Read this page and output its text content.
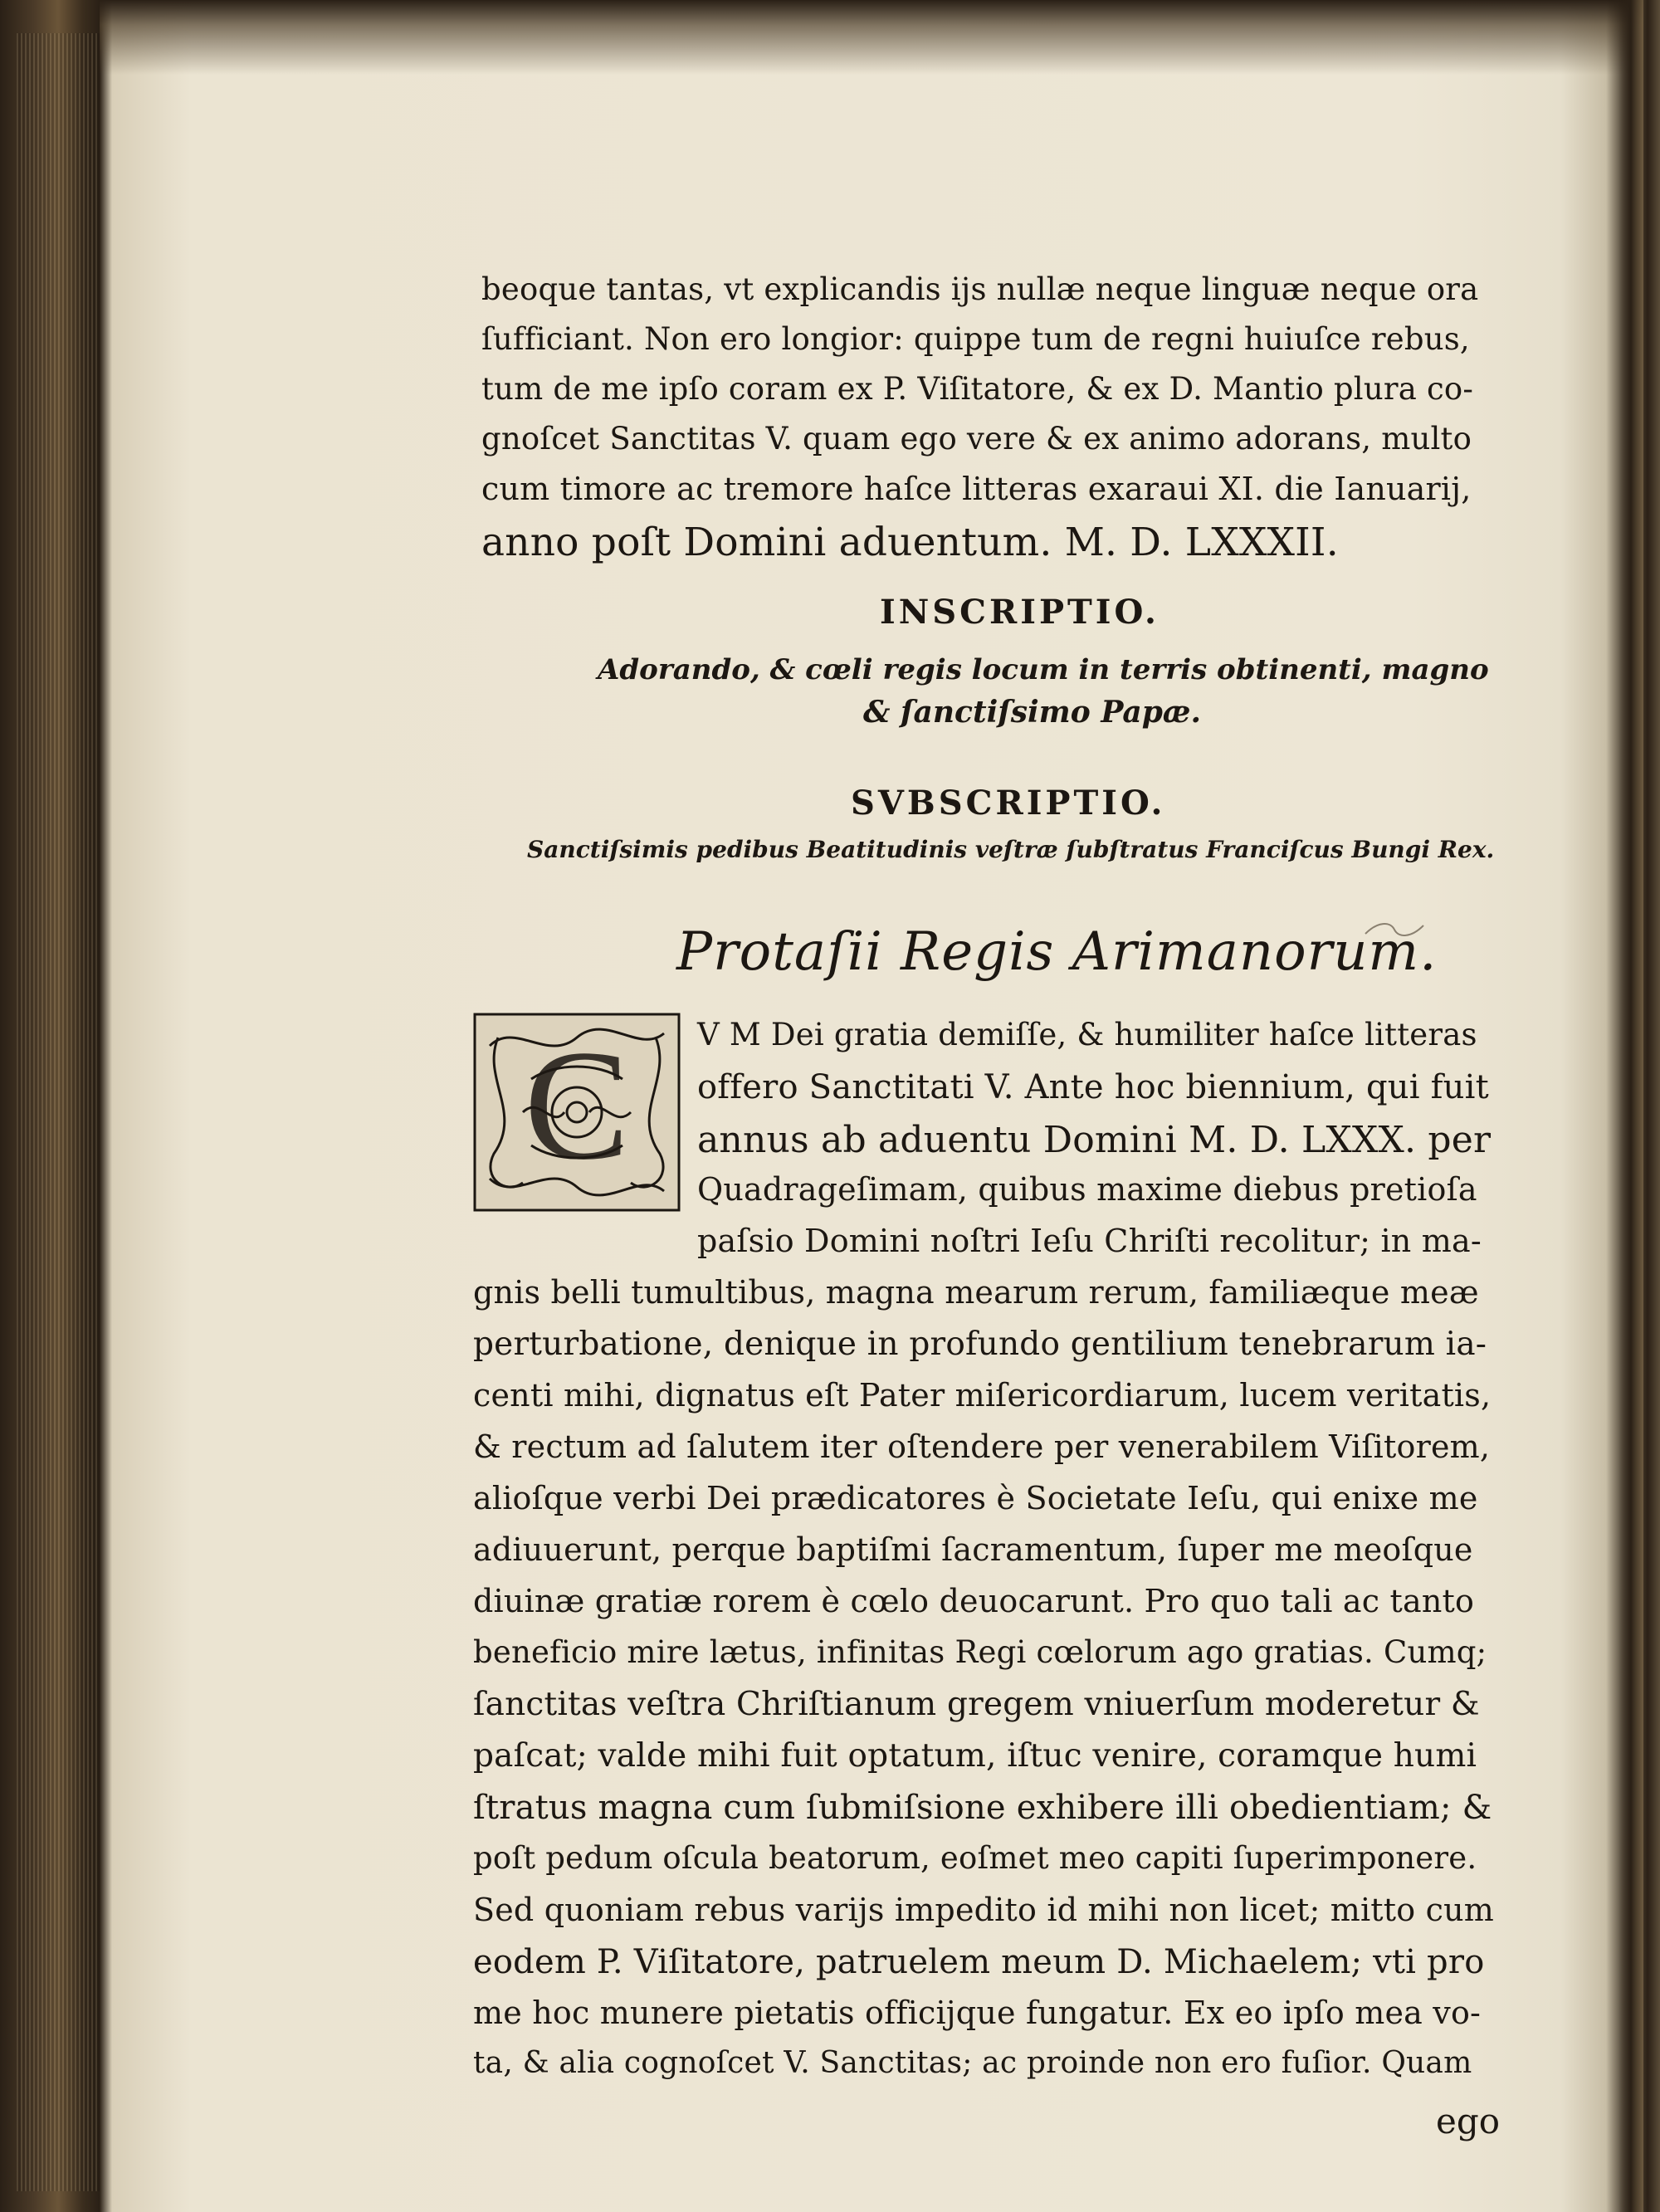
beoque tantas, vt explicandis ijs nullæ neque linguæ neque ora
ſufficiant. Non ero longior: quippe tum de regni huiuſce rebus,
tum de me ipſo coram ex P. Viſitatore, & ex D. Mantio plura co-
gnoſcet Sanctitas V. quam ego vere & ex animo adorans, multo
cum timore ac tremore haſce litteras exaraui XI. die Ianuarij,
anno poſt Domini aduentum. M. D. LXXXII.
INSCRIPTIO.
Adorando, & cœli regis locum in terris obtinenti, magno
& ſanctiſsimo Papæ.
SVBSCRIPTIO.
Sanctiſsimis pedibus Beatitudinis veſtræ ſubſtratus Franciſcus Bungi Rex.
Protaſii Regis Arimanorum.
C V M Dei gratia demiſſe, & humiliter haſce litteras
offero Sanctitati V. Ante hoc biennium, qui fuit
annus ab aduentu Domini M. D. LXXX. per
Quadrageſimam, quibus maxime diebus pretioſa
paſsio Domini noſtri Ieſu Chriſti recolitur; in ma-
gnis belli tumultibus, magna mearum rerum, familiæque meæ
perturbatione, denique in profundo gentilium tenebrarum ia-
centi mihi, dignatus eſt Pater miſericordiarum, lucem veritatis,
& rectum ad ſalutem iter oſtendere per venerabilem Viſitorem,
alioſque verbi Dei prædicatores è Societate Ieſu, qui enixe me
adiuuerunt, perque baptiſmi ſacramentum, ſuper me meoſque
diuinæ gratiæ rorem è cœlo deuocarunt. Pro quo tali ac tanto
beneficio mire lætus, infinitas Regi cœlorum ago gratias. Cumq;
ſanctitas veſtra Chriſtianum gregem vniuerſum moderetur &
paſcat; valde mihi fuit optatum, iſtuc venire, coramque humi
ſtratus magna cum ſubmiſsione exhibere illi obedientiam; &
poſt pedum oſcula beatorum, eoſmet meo capiti ſuperimponere.
Sed quoniam rebus varijs impedito id mihi non licet; mitto cum
eodem P. Viſitatore, patruelem meum D. Michaelem; vti pro
me hoc munere pietatis officijque fungatur. Ex eo ipſo mea vo-
ta, & alia cognoſcet V. Sanctitas; ac proinde non ero fuſior. Quam
ego
